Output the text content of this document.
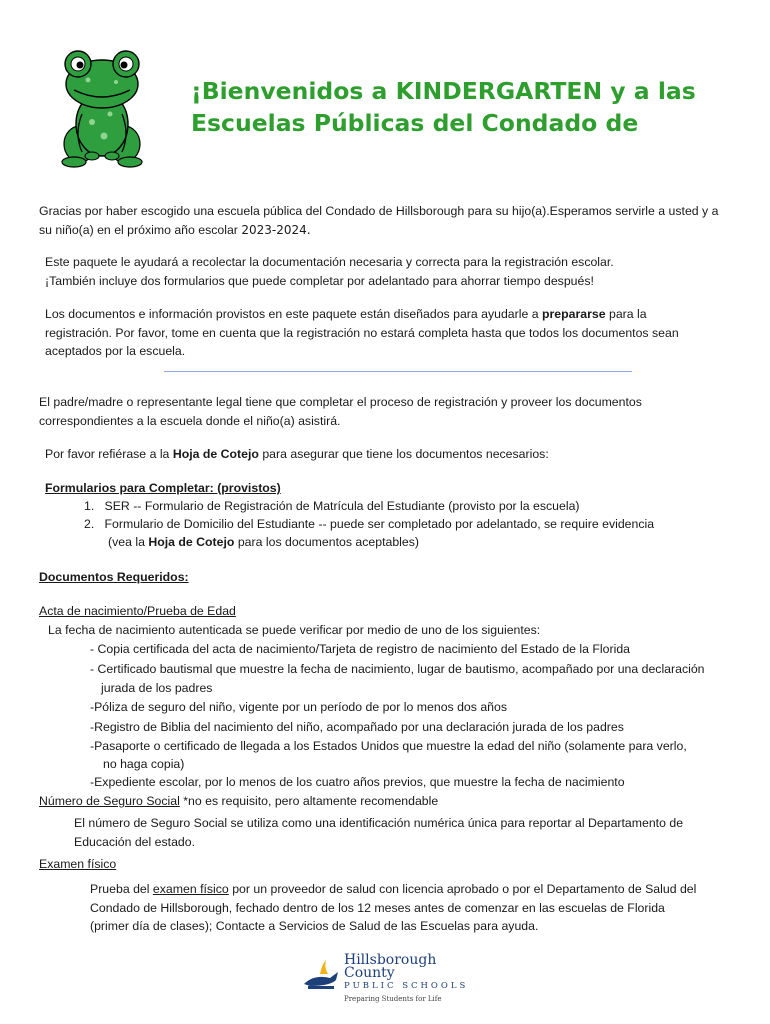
¡Bienvenidos a KINDERGARTEN y a las
Escuelas Públicas del Condado de
Gracias por haber escogido una escuela pública del Condado de Hillsborough para su hijo(a).Esperamos servirle a usted y a
su niño(a) en el próximo año escolar 2023-2024.
Este paquete le ayudará a recolectar la documentación necesaria y correcta para la registración escolar.
¡También incluye dos formularios que puede completar por adelantado para ahorrar tiempo después!
Los documentos e información provistos en este paquete están diseñados para ayudarle a prepararse para la
registración. Por favor, tome en cuenta que la registración no estará completa hasta que todos los documentos sean
aceptados por la escuela.
El padre/madre o representante legal tiene que completar el proceso de registración y proveer los documentos
correspondientes a la escuela donde el niño(a) asistirá.
Por favor refiérase a la Hoja de Cotejo para asegurar que tiene los documentos necesarios:
Formularios para Completar: (provistos)
1. SER -- Formulario de Registración de Matrícula del Estudiante (provisto por la escuela)
2. Formulario de Domicilio del Estudiante -- puede ser completado por adelantado, se require evidencia
(vea la Hoja de Cotejo para los documentos aceptables)
Documentos Requeridos:
Acta de nacimiento/Prueba de Edad
La fecha de nacimiento autenticada se puede verificar por medio de uno de los siguientes:
- Copia certificada del acta de nacimiento/Tarjeta de registro de nacimiento del Estado de la Florida
- Certificado bautismal que muestre la fecha de nacimiento, lugar de bautismo, acompañado por una declaración
jurada de los padres
-Póliza de seguro del niño, vigente por un período de por lo menos dos años
-Registro de Biblia del nacimiento del niño, acompañado por una declaración jurada de los padres
-Pasaporte o certificado de llegada a los Estados Unidos que muestre la edad del niño (solamente para verlo,
no haga copia)
-Expediente escolar, por lo menos de los cuatro años previos, que muestre la fecha de nacimiento
Número de Seguro Social *no es requisito, pero altamente recomendable
El número de Seguro Social se utiliza como una identificación numérica única para reportar al Departamento de
Educación del estado.
Examen físico
Prueba del examen físico por un proveedor de salud con licencia aprobado o por el Departamento de Salud del
Condado de Hillsborough, fechado dentro de los 12 meses antes de comenzar en las escuelas de Florida
(primer día de clases); Contacte a Servicios de Salud de las Escuelas para ayuda.
Hillsborough County
PUBLIC SCHOOLS
Preparing Students for Life
